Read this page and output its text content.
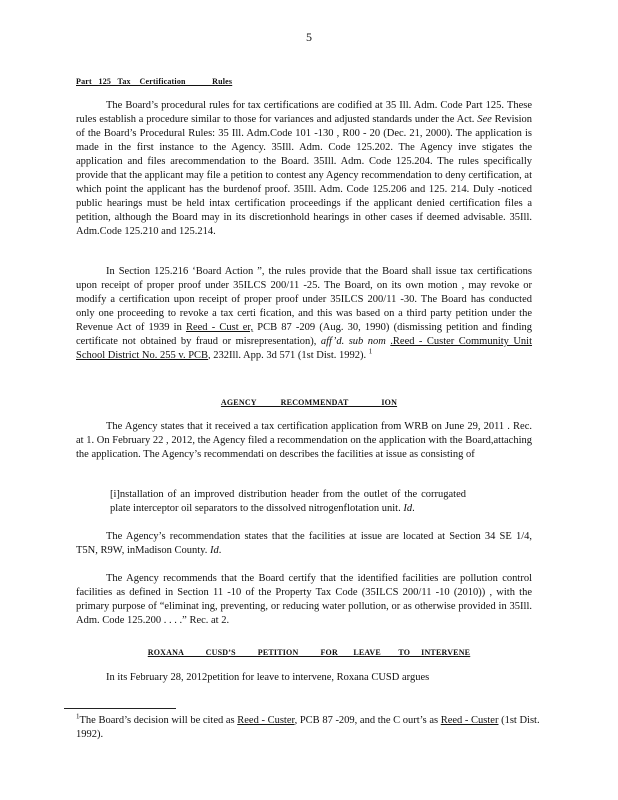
5
Part   125   Tax    Certification            Rules
The Board’s procedural rules for tax certifications are codified at 35 Ill. Adm. Code Part 125. These rules establish a procedure similar to those for variances and adjusted standards under the Act. See Revision of the Board’s Procedural Rules: 35 Ill. Adm.Code 101 -130 , R00 - 20 (Dec. 21, 2000). The application is made in the first instance to the Agency. 35Ill. Adm. Code 125.202. The Agency inve stigates the application and files arecommendation to the Board. 35Ill. Adm. Code 125.204. The rules specifically provide that the applicant may file a petition to contest any Agency recommendation to deny certification, at which point the applicant has the burdenof proof. 35Ill. Adm. Code 125.206 and 125. 214. Duly -noticed public hearings must be held intax certification proceedings if the applicant denied certification files a petition, although the Board may in its discretionhold hearings in other cases if deemed advisable. 35Ill. Adm.Code 125.210 and 125.214.
In Section 125.216 ‘Board Action ”, the rules provide that the Board shall issue tax certifications upon receipt of proper proof under 35ILCS 200/11 -25. The Board, on its own motion , may revoke or modify a certification upon receipt of proper proof under 35ILCS 200/11 -30. The Board has conducted only one proceeding to revoke a tax certi fication, and this was based on a third party petition under the Revenue Act of 1939 in Reed - Cust er, PCB 87 -209 (Aug. 30, 1990) (dismissing petition and finding certificate not obtained by fraud or misrepresentation), aff’d. sub nom .Reed - Custer Community Unit School District No. 255 v. PCB, 232Ill. App. 3d 571 (1st Dist. 1992). $^1$
AGENCY           RECOMMENDAT               ION
The Agency states that it received a tax certification application from WRB on June 29, 2011 . Rec. at 1. On February 22 , 2012, the Agency filed a recommendation on the application with the Board,attaching the application. The Agency’s recommendati on describes the facilities at issue as consisting of
[i]nstallation of an improved distribution header from the outlet of the corrugated plate interceptor oil separators to the dissolved nitrogenflotation unit. Id.
The Agency’s recommendation states that the facilities at issue are located at Section 34 SE 1/4, T5N, R9W, inMadison County. Id.
The Agency recommends that the Board certify that the identified facilities are pollution control facilities as defined in Section 11 -10 of the Property Tax Code (35ILCS 200/11 -10 (2010)) , with the primary purpose of “eliminat ing, preventing, or reducing water pollution, or as otherwise provided in 35Ill. Adm. Code 125.200 . . . .” Rec. at 2.
ROXANA          CUSD’S          PETITION          FOR       LEAVE        TO     INTERVENE
In its February 28, 2012petition for leave to intervene, Roxana CUSD argues
$^1$The Board’s decision will be cited as Reed - Custer, PCB 87 -209, and the C ourt’s as Reed - Custer (1st Dist. 1992).
